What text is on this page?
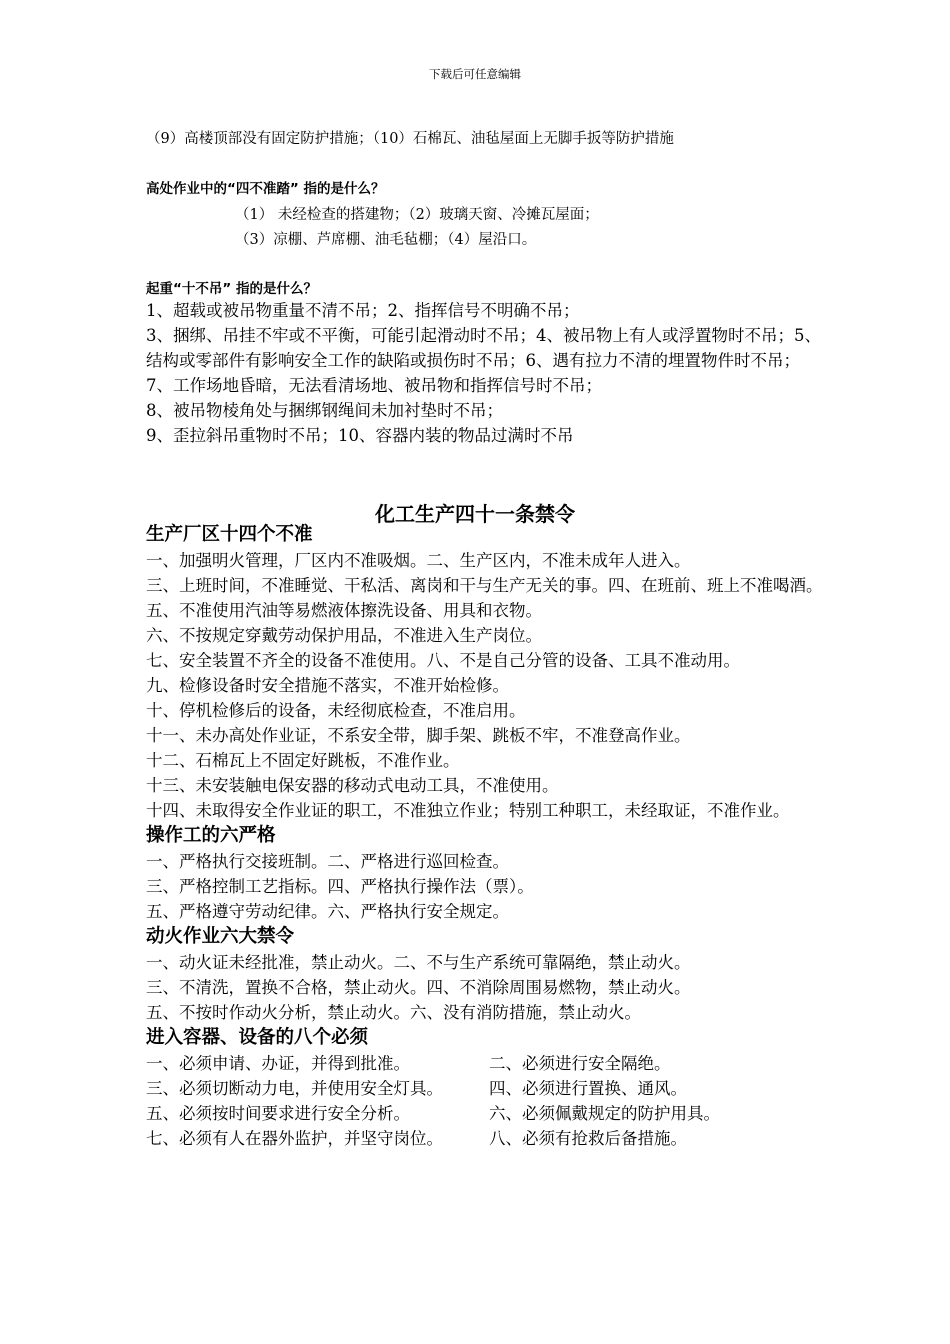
下载后可任意编辑
（9）高楼顶部没有固定防护措施；（10）石棉瓦、油毡屋面上无脚手扳等防护措施
高处作业中的“四不准踏” 指的是什么？
（1） 未经检查的搭建物；（2）玻璃天窗、冷摊瓦屋面；
（3）凉棚、芦席棚、油毛毡棚；（4）屋沿口。
起重“十不吊” 指的是什么？

1、超载或被吊物重量不清不吊；2、指挥信号不明确不吊；

3、捆绑、吊挂不牢或不平衡，可能引起滑动时不吊；4、被吊物上有人或浮置物时不吊；5、结构或零部件有影响安全工作的缺陷或损伤时不吊；6、遇有拉力不清的埋置物件时不吊；

7、工作场地昏暗，无法看清场地、被吊物和指挥信号时不吊；

8、被吊物棱角处与捆绑钢绳间未加衬垫时不吊；

9、歪拉斜吊重物时不吊；10、容器内装的物品过满时不吊

化工生产四十一条禁令
生产厂区十四个不准

一、加强明火管理，厂区内不准吸烟。二、生产区内，不准未成年人进入。

三、上班时间，不准睡觉、干私活、离岗和干与生产无关的事。四、在班前、班上不准喝酒。

五、不准使用汽油等易燃液体擦洗设备、用具和衣物。

六、不按规定穿戴劳动保护用品，不准进入生产岗位。

七、安全装置不齐全的设备不准使用。八、不是自己分管的设备、工具不准动用。

九、检修设备时安全措施不落实，不准开始检修。

十、停机检修后的设备，未经彻底检查，不准启用。

十一、未办高处作业证，不系安全带，脚手架、跳板不牢，不准登高作业。

十二、石棉瓦上不固定好跳板，不准作业。

十三、未安装触电保安器的移动式电动工具，不准使用。

十四、未取得安全作业证的职工，不准独立作业；特别工种职工，未经取证，不准作业。

操作工的六严格

一、严格执行交接班制。二、严格进行巡回检查。

三、严格控制工艺指标。四、严格执行操作法（票）。

五、严格遵守劳动纪律。六、严格执行安全规定。

动火作业六大禁令

一、动火证未经批准，禁止动火。二、不与生产系统可靠隔绝，禁止动火。

三、不清洗，置换不合格，禁止动火。四、不消除周围易燃物，禁止动火。

五、不按时作动火分析，禁止动火。六、没有消防措施，禁止动火。

进入容器、设备的八个必须

一、必须申请、办证，并得到批准。	二、必须进行安全隔绝。

三、必须切断动力电，并使用安全灯具。	四、必须进行置换、通风。

五、必须按时间要求进行安全分析。	六、必须佩戴规定的防护用具。

七、必须有人在器外监护，并坚守岗位。	八、必须有抢救后备措施。
